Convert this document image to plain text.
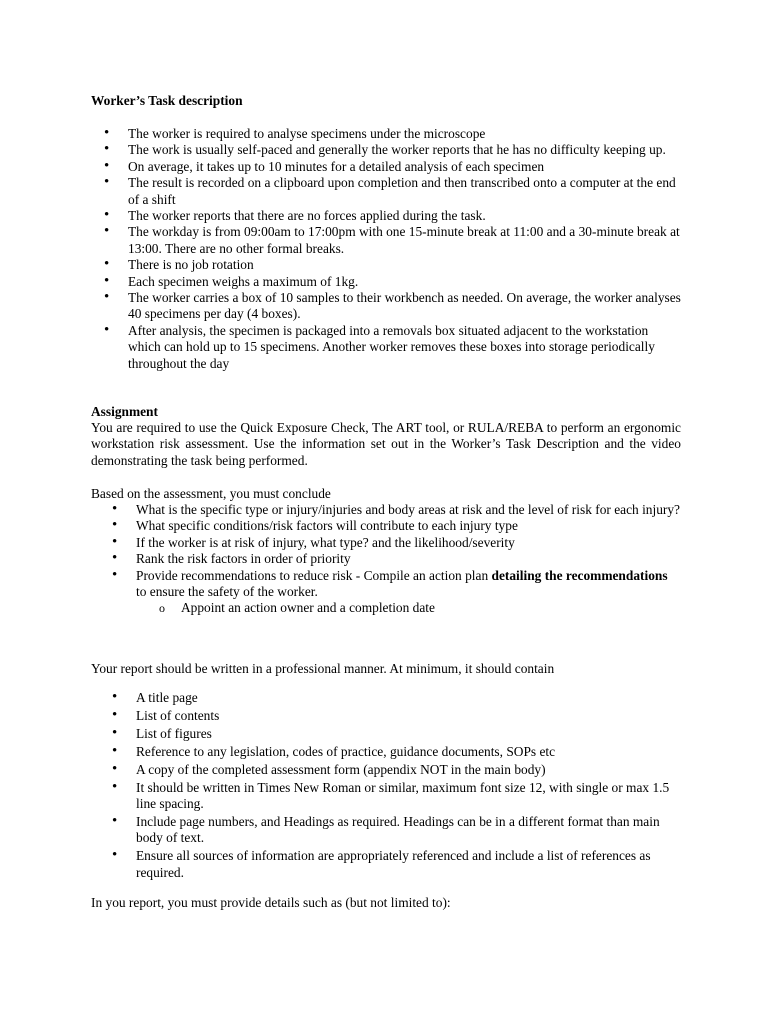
Worker’s Task description

• The worker is required to analyse specimens under the microscope
• The work is usually self-paced and generally the worker reports that he has no difficulty keeping up.
• On average, it takes up to 10 minutes for a detailed analysis of each specimen
• The result is recorded on a clipboard upon completion and then transcribed onto a computer at the end of a shift
• The worker reports that there are no forces applied during the task.
• The workday is from 09:00am to 17:00pm with one 15-minute break at 11:00 and a 30-minute break at 13:00. There are no other formal breaks.
• There is no job rotation
• Each specimen weighs a maximum of 1kg.
• The worker carries a box of 10 samples to their workbench as needed. On average, the worker analyses 40 specimens per day (4 boxes).
• After analysis, the specimen is packaged into a removals box situated adjacent to the workstation which can hold up to 15 specimens. Another worker removes these boxes into storage periodically throughout the day

Assignment

You are required to use the Quick Exposure Check, The ART tool, or RULA/REBA to perform an ergonomic workstation risk assessment. Use the information set out in the Worker’s Task Description and the video demonstrating the task being performed.

Based on the assessment, you must conclude

• What is the specific type or injury/injuries and body areas at risk and the level of risk for each injury?
• What specific conditions/risk factors will contribute to each injury type
• If the worker is at risk of injury, what type? and the likelihood/severity
• Rank the risk factors in order of priority
• Provide recommendations to reduce risk - Compile an action plan detailing the recommendations to ensure the safety of the worker.
o Appoint an action owner and a completion date

Your report should be written in a professional manner. At minimum, it should contain

• A title page
• List of contents
• List of figures
• Reference to any legislation, codes of practice, guidance documents, SOPs etc
• A copy of the completed assessment form (appendix NOT in the main body)
• It should be written in Times New Roman or similar, maximum font size 12, with single or max 1.5 line spacing.
• Include page numbers, and Headings as required. Headings can be in a different format than main body of text.
• Ensure all sources of information are appropriately referenced and include a list of references as required.

In you report, you must provide details such as (but not limited to):
